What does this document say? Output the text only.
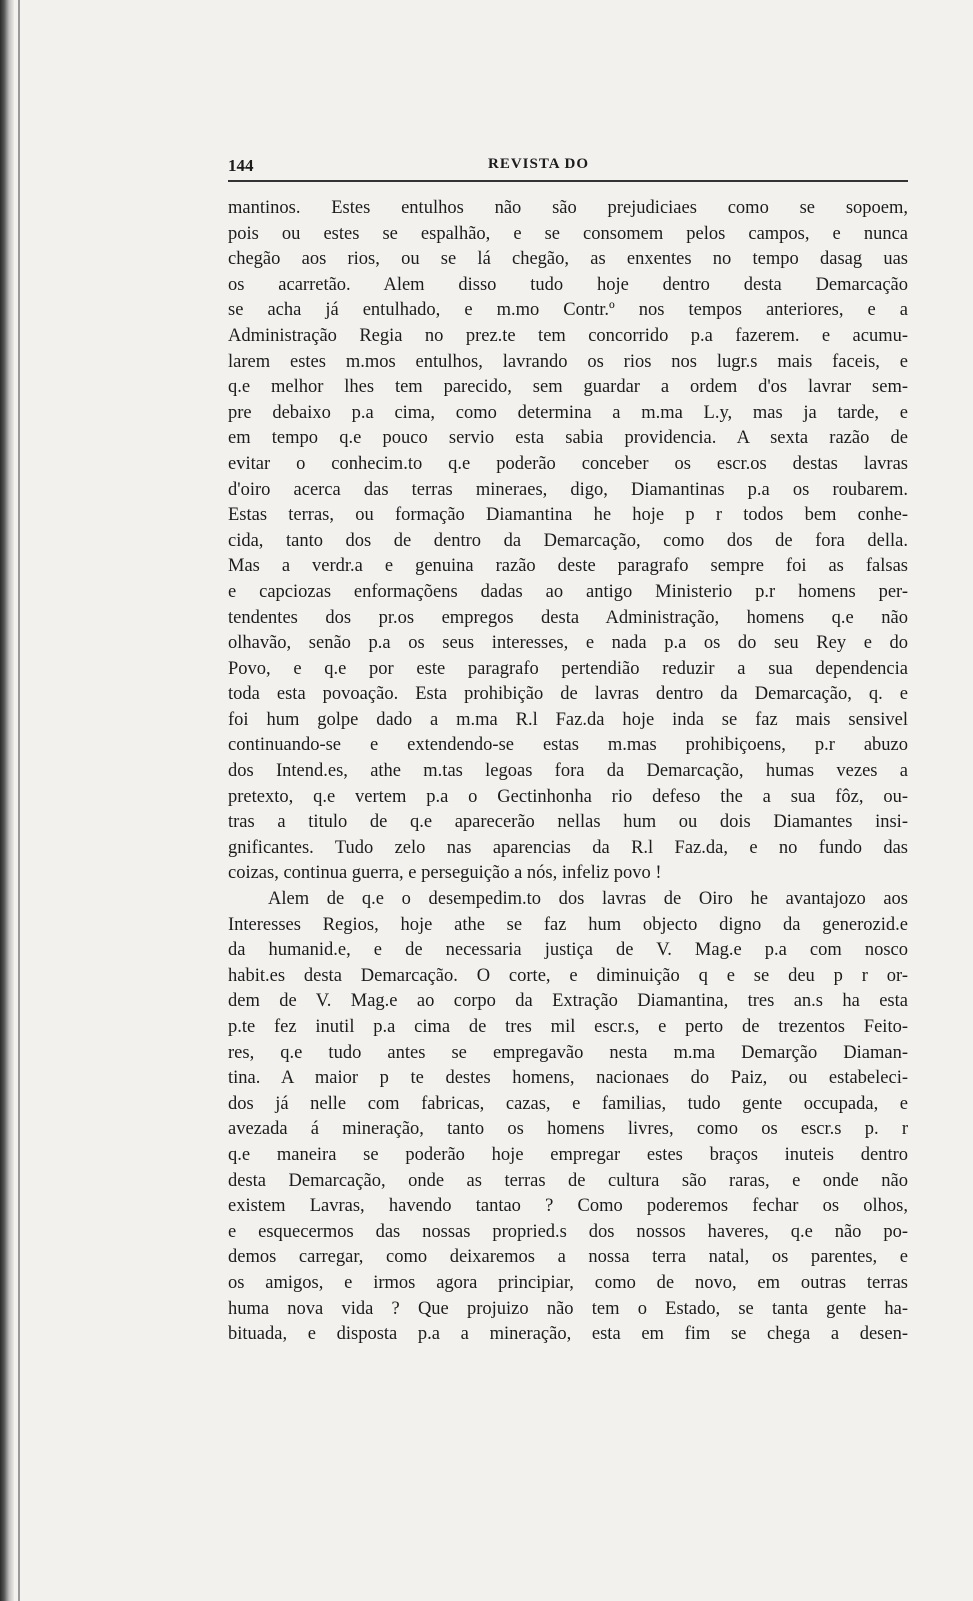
144	REVISTA DO
mantinos. Estes entulhos não são prejudiciaes como se sopoem,
pois ou estes se espalhão, e se consomem pelos campos, e nunca
chegão aos rios, ou se lá chegão, as enxentes no tempo dasag uas
os acarretão. Alem disso tudo hoje dentro desta Demarcação
se acha já entulhado, e m.mo Contr.º nos tempos anteriores, e a
Administração Regia no prez.te tem concorrido p.a fazerem. e acumu-
larem estes m.mos entulhos, lavrando os rios nos lugr.s mais faceis, e
q.e melhor lhes tem parecido, sem guardar a ordem d'os lavrar sem-
pre debaixo p.a cima, como determina a m.ma L.y, mas ja tarde, e
em tempo q.e pouco servio esta sabia providencia. A sexta razão de
evitar o conhecim.to q.e poderão conceber os escr.os destas lavras
d'oiro acerca das terras mineraes, digo, Diamantinas p.a os roubarem.
Estas terras, ou formação Diamantina he hoje p r todos bem conhe-
cida, tanto dos de dentro da Demarcação, como dos de fora della.
Mas a verdr.a e genuina razão deste paragrafo sempre foi as falsas
e capciozas enformaçõens dadas ao antigo Ministerio p.r homens per-
tendentes dos pr.os empregos desta Administração, homens q.e não
olhavão, senão p.a os seus interesses, e nada p.a os do seu Rey e do
Povo, e q.e por este paragrafo pertendião reduzir a sua dependencia
toda esta povoação. Esta prohibição de lavras dentro da Demarcação, q. e
foi hum golpe dado a m.ma R.l Faz.da hoje inda se faz mais sensivel
continuando-se e extendendo-se estas m.mas prohibiçoens, p.r abuzo
dos Intend.es, athe m.tas legoas fora da Demarcação, humas vezes a
pretexto, q.e vertem p.a o Gectinhonha rio defeso the a sua fôz, ou-
tras a titulo de q.e aparecerão nellas hum ou dois Diamantes insi-
gnificantes. Tudo zelo nas aparencias da R.l Faz.da, e no fundo das
coizas, continua guerra, e perseguição a nós, infeliz povo !
Alem de q.e o desempedim.to dos lavras de Oiro he avantajozo aos
Interesses Regios, hoje athe se faz hum objecto digno da generozid.e
da humanid.e, e de necessaria justiça de V. Mag.e p.a com nosco
habit.es desta Demarcação. O corte, e diminuição q e se deu p r or-
dem de V. Mag.e ao corpo da Extração Diamantina, tres an.s ha esta
p.te fez inutil p.a cima de tres mil escr.s, e perto de trezentos Feito-
res, q.e tudo antes se empregavão nesta m.ma Demarção Diaman-
tina. A maior p te destes homens, nacionaes do Paiz, ou estabeleci-
dos já nelle com fabricas, cazas, e familias, tudo gente occupada, e
avezada á mineração, tanto os homens livres, como os escr.s p. r
q.e maneira se poderão hoje empregar estes braços inuteis dentro
desta Demarcação, onde as terras de cultura são raras, e onde não
existem Lavras, havendo tantao ? Como poderemos fechar os olhos,
e esquecermos das nossas propried.s dos nossos haveres, q.e não po-
demos carregar, como deixaremos a nossa terra natal, os parentes, e
os amigos, e irmos agora principiar, como de novo, em outras terras
huma nova vida ? Que projuizo não tem o Estado, se tanta gente ha-
bituada, e disposta p.a a mineração, esta em fim se chega a desen-
